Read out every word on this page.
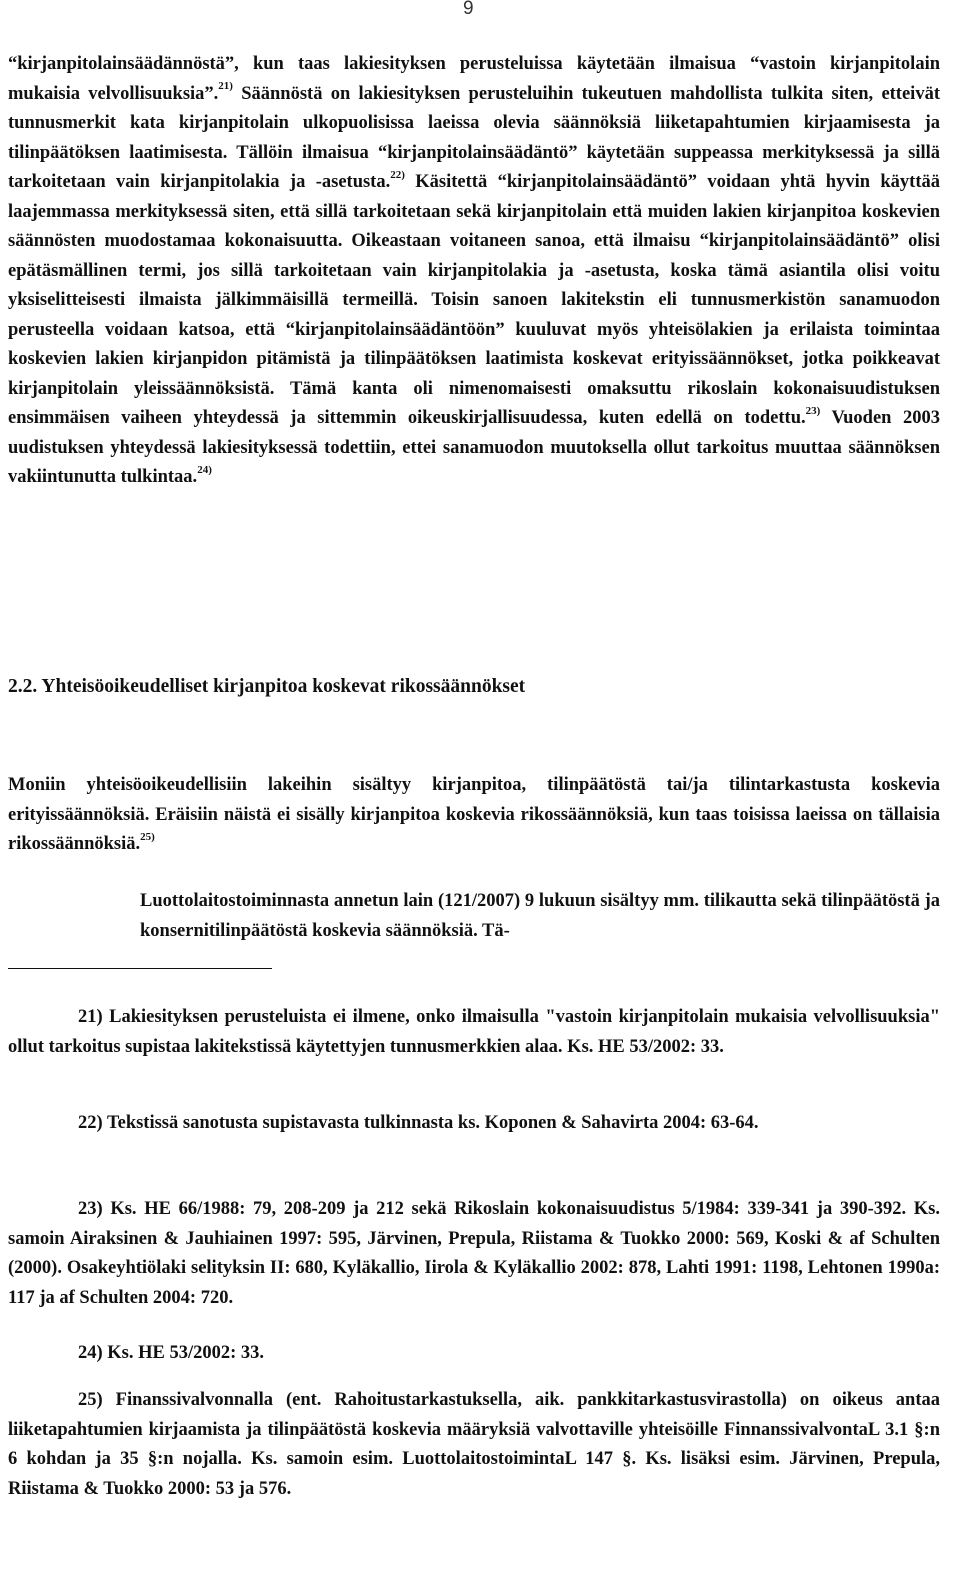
9

“kirjanpitolainsäädännöstä”, kun taas lakiesityksen perusteluissa käytetään ilmaisua “vastoin kirjanpitolain mukaisia velvollisuuksia”.$^{21)}$ Säännöstä on lakiesityksen perusteluihin tukeutuen mahdollista tulkita siten, etteivät tunnusmerkit kata kirjanpitolain ulkopuolisissa laeissa olevia säännöksiä liiketapahtumien kirjaamisesta ja tilinpäätöksen laatimisesta. Tällöin ilmaisua “kirjanpitolainsäädäntö” käytetään suppeassa merkityksessä ja sillä tarkoitetaan vain kirjanpitolakia ja -asetusta.$^{22)}$ Käsitettä “kirjanpitolainsäädäntö” voidaan yhtä hyvin käyttää laajemmassa merkityksessä siten, että sillä tarkoitetaan sekä kirjanpitolain että muiden lakien kirjanpitoa koskevien säännösten muodostamaa kokonaisuutta. Oikeastaan voitaneen sanoa, että ilmaisu “kirjanpitolainsäädäntö” olisi epätäsmällinen termi, jos sillä tarkoitetaan vain kirjanpitolakia ja -asetusta, koska tämä asiantila olisi voitu yksiselitteisesti ilmaista jälkimmäisillä termeillä. Toisin sanoen lakitekstin eli tunnusmerkistön sanamuodon perusteella voidaan katsoa, että “kirjanpitolainsäädäntöön” kuuluvat myös yhteisölakien ja erilaista toimintaa koskevien lakien kirjanpidon pitämistä ja tilinpäätöksen laatimista koskevat erityissäännökset, jotka poikkeavat kirjanpitolain yleissäännöksistä. Tämä kanta oli nimenomaisesti omaksuttu rikoslain kokonaisuudistuksen ensimmäisen vaiheen yhteydessä ja sittemmin oikeuskirjallisuudessa, kuten edellä on todettu.$^{23)}$ Vuoden 2003 uudistuksen yhteydessä lakiesityksessä todettiin, ettei sanamuodon muutoksella ollut tarkoitus muuttaa säännöksen vakiintunutta tulkintaa.$^{24)}$

2.2. Yhteisöoikeudelliset kirjanpitoa koskevat rikossäännökset

Moniin yhteisöoikeudellisiin lakeihin sisältyy kirjanpitoa, tilinpäätöstä tai/ja tilintarkastusta koskevia erityissäännöksiä. Eräisiin näistä ei sisälly kirjanpitoa koskevia rikossäännöksiä, kun taas toisissa laeissa on tällaisia rikossäännöksiä.$^{25)}$

Luottolaitostoiminnasta annetun lain (121/2007) 9 lukuun sisältyy mm. tilikautta sekä tilinpäätöstä ja konsernitilinpäätöstä koskevia säännöksiä. Tä-

21) Lakiesityksen perusteluista ei ilmene, onko ilmaisulla "vastoin kirjanpitolain mukaisia velvollisuuksia" ollut tarkoitus supistaa lakitekstissä käytettyjen tunnusmerkkien alaa. Ks. HE 53/2002: 33.

22) Tekstissä sanotusta supistavasta tulkinnasta ks. Koponen & Sahavirta 2004: 63-64.

23) Ks. HE 66/1988: 79, 208-209 ja 212 sekä Rikoslain kokonaisuudistus 5/1984: 339-341 ja 390-392. Ks. samoin Airaksinen & Jauhiainen 1997: 595, Järvinen, Prepula, Riistama & Tuokko 2000: 569, Koski & af Schulten (2000). Osakeyhtiölaki selityksin II: 680, Kyläkallio, Iirola & Kyläkallio 2002: 878, Lahti 1991: 1198, Lehtonen 1990a: 117 ja af Schulten 2004: 720.

24) Ks. HE 53/2002: 33.

25) Finanssivalvonnalla (ent. Rahoitustarkastuksella, aik. pankkitarkastusvirastolla) on oikeus antaa liiketapahtumien kirjaamista ja tilinpäätöstä koskevia määryksiä valvottaville yhteisöille FinnanssivalvontaL 3.1 §:n 6 kohdan ja 35 §:n nojalla. Ks. samoin esim. LuottolaitostoimintaL 147 §. Ks. lisäksi esim. Järvinen, Prepula, Riistama & Tuokko 2000: 53 ja 576.
